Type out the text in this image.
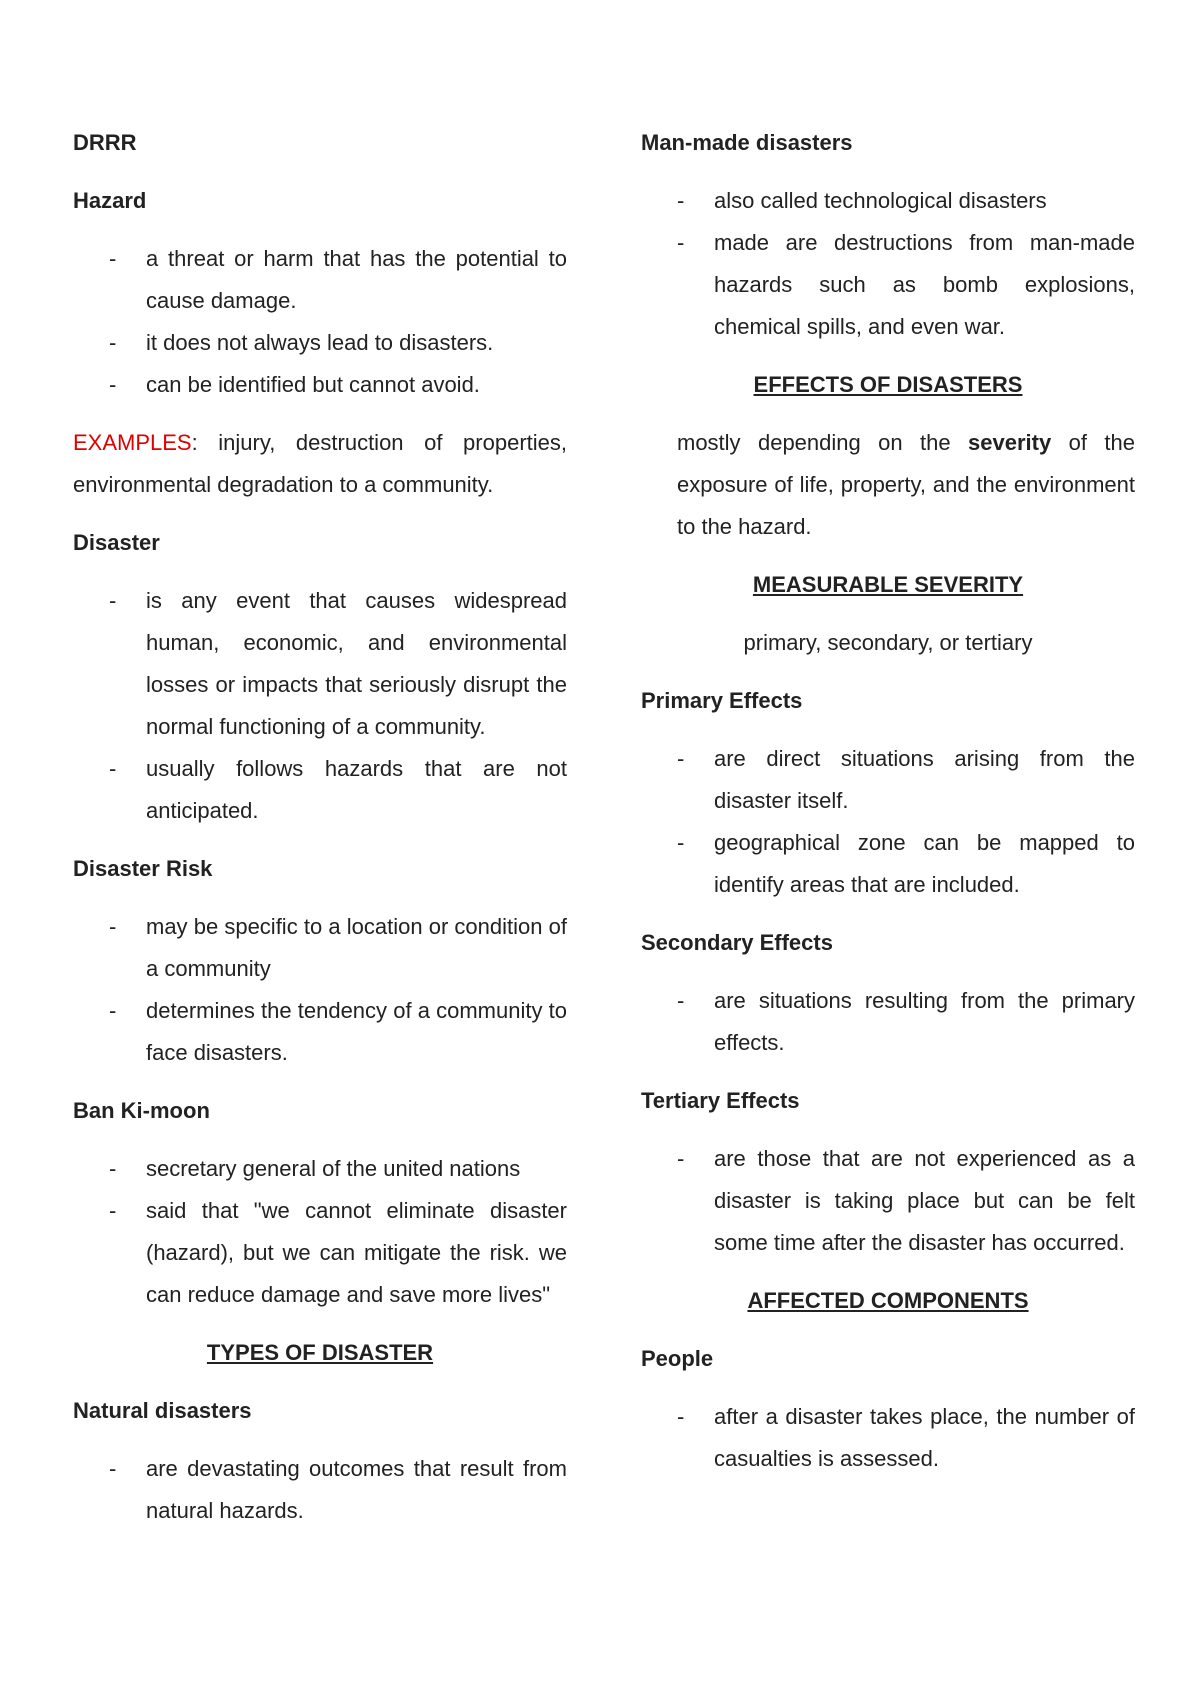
DRRR
Hazard
- a threat or harm that has the potential to cause damage.
- it does not always lead to disasters.
- can be identified but cannot avoid.
EXAMPLES: injury, destruction of properties, environmental degradation to a community.
Disaster
- is any event that causes widespread human, economic, and environmental losses or impacts that seriously disrupt the normal functioning of a community.
- usually follows hazards that are not anticipated.
Disaster Risk
- may be specific to a location or condition of a community
- determines the tendency of a community to face disasters.
Ban Ki-moon
- secretary general of the united nations
- said that "we cannot eliminate disaster (hazard), but we can mitigate the risk. we can reduce damage and save more lives"
TYPES OF DISASTER
Natural disasters
- are devastating outcomes that result from natural hazards.
Man-made disasters
- also called technological disasters
- made are destructions from man-made hazards such as bomb explosions, chemical spills, and even war.
EFFECTS OF DISASTERS
mostly depending on the severity of the exposure of life, property, and the environment to the hazard.
MEASURABLE SEVERITY
primary, secondary, or tertiary
Primary Effects
- are direct situations arising from the disaster itself.
- geographical zone can be mapped to identify areas that are included.
Secondary Effects
- are situations resulting from the primary effects.
Tertiary Effects
- are those that are not experienced as a disaster is taking place but can be felt some time after the disaster has occurred.
AFFECTED COMPONENTS
People
- after a disaster takes place, the number of casualties is assessed.
